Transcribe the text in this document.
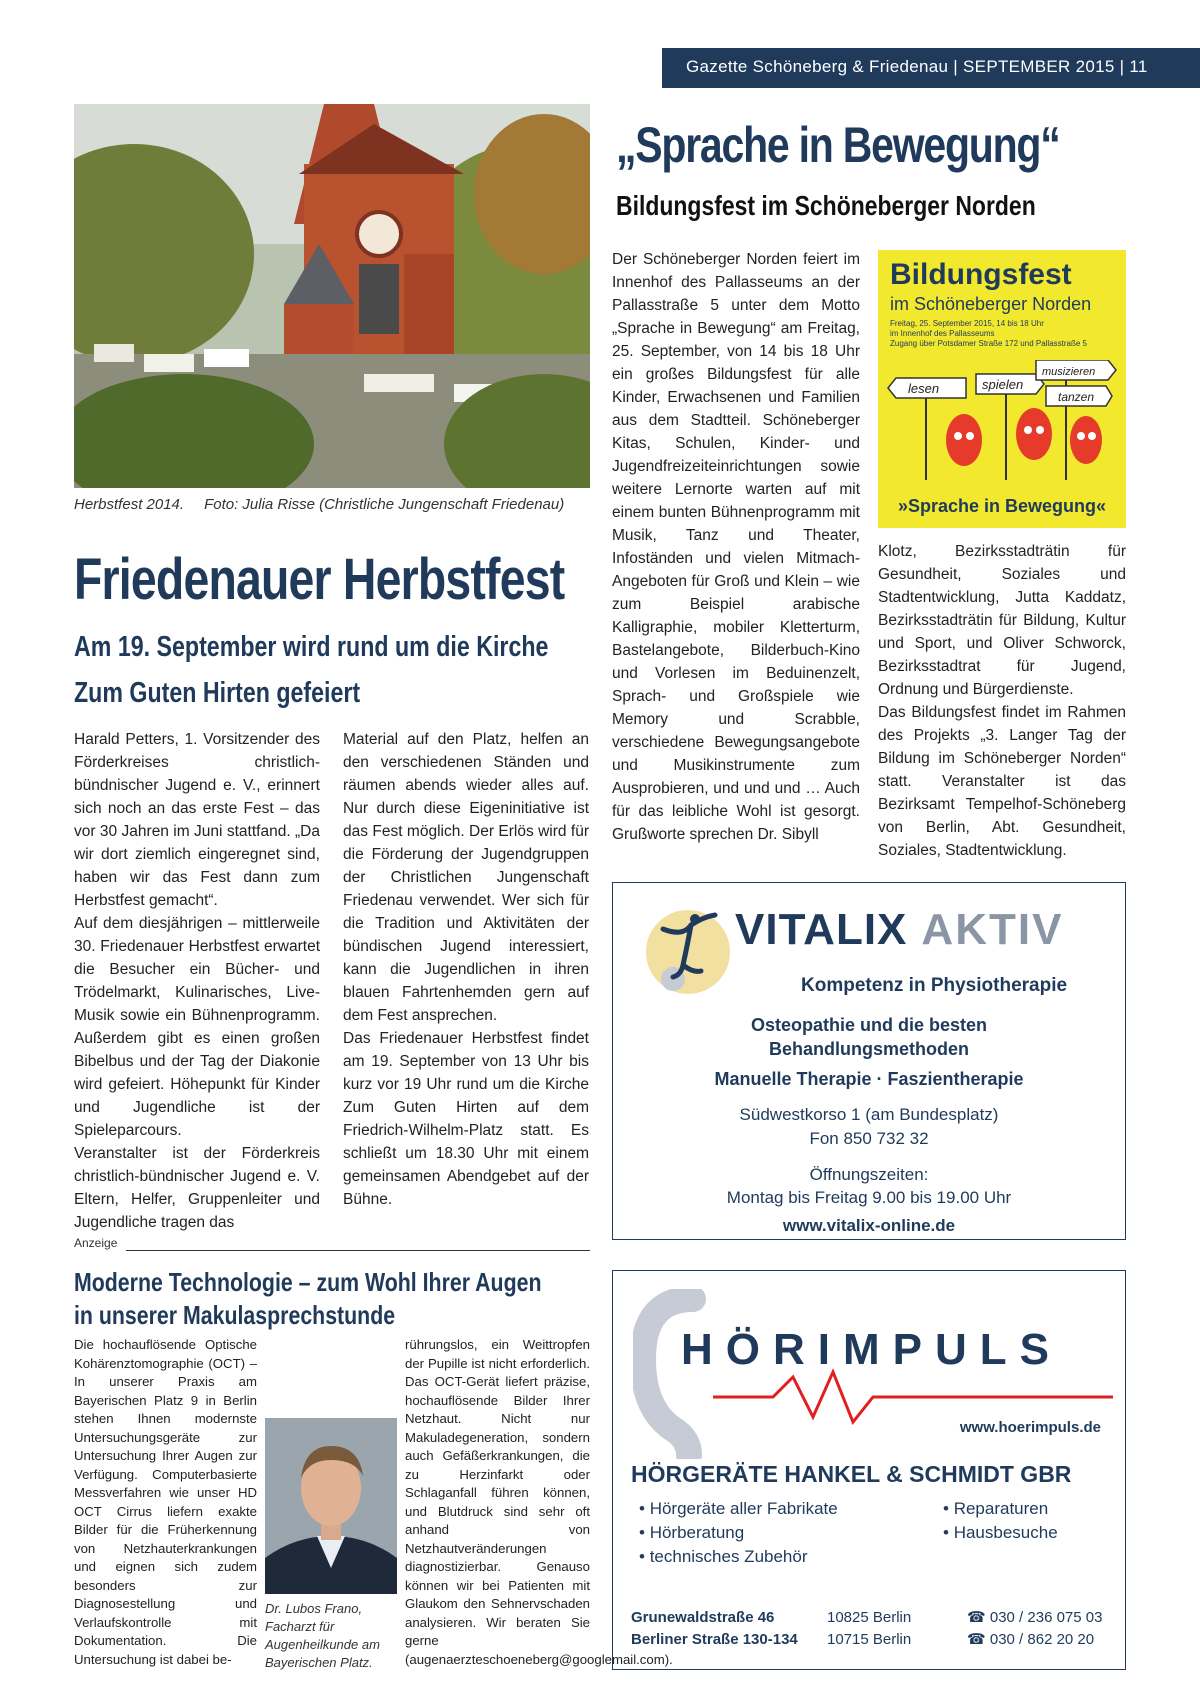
Gazette Schöneberg & Friedenau | SEPTEMBER 2015 | 11
Herbstfest 2014. Foto: Julia Risse (Christliche Jungenschaft Friedenau)
„Sprache in Bewegung“
Bildungsfest im Schöneberger Norden

Der Schöneberger Norden feiert im Innenhof des Pallasseums an der Pallasstraße 5 unter dem Motto „Sprache in Bewegung“ am Freitag, 25. September, von 14 bis 18 Uhr ein großes Bildungsfest für alle Kinder, Erwachsenen und Familien aus dem Stadtteil. Schöneberger Kitas, Schulen, Kinder- und Jugendfreizeiteinrichtungen sowie weitere Lernorte warten auf mit einem bunten Bühnenprogramm mit Musik, Tanz und Theater, Infoständen und vielen Mitmach-Angeboten für Groß und Klein – wie zum Beispiel arabische Kalligraphie, mobiler Kletterturm, Bastelangebote, Bilderbuch-Kino und Vorlesen im Beduinenzelt, Sprach- und Großspiele wie Memory und Scrabble, verschiedene Bewegungsangebote und Musikinstrumente zum Ausprobieren, und und und … Auch für das leibliche Wohl ist gesorgt. Grußworte sprechen Dr. Sibyll

Klotz, Bezirksstadträtin für Gesundheit, Soziales und Stadtentwicklung, Jutta Kaddatz, Bezirksstadträtin für Bildung, Kultur und Sport, und Oliver Schworck, Bezirksstadtrat für Jugend, Ordnung und Bürgerdienste.

Das Bildungsfest findet im Rahmen des Projekts „3. Langer Tag der Bildung im Schöneberger Norden“ statt. Veranstalter ist das Bezirksamt Tempelhof-Schöneberg von Berlin, Abt. Gesundheit, Soziales, Stadtentwicklung.

Bildungsfest
im Schöneberger Norden
Freitag, 25. September 2015, 14 bis 18 Uhr
im Innenhof des Pallasseums
Zugang über Potsdamer Straße 172 und Pallasstraße 5
lesen	spielen
musizieren
tanzen
»Sprache in Bewegung«
Friedenauer Herbstfest
Am 19. September wird rund um die Kirche Zum Guten Hirten gefeiert

Harald Petters, 1. Vorsitzender des Förderkreises christlich-bündnischer Jugend e. V., erinnert sich noch an das erste Fest – das vor 30 Jahren im Juni stattfand. „Da wir dort ziemlich eingeregnet sind, haben wir das Fest dann zum Herbstfest gemacht“.

Auf dem diesjährigen – mittlerweile 30. Friedenauer Herbstfest erwartet die Besucher ein Bücher- und Trödelmarkt, Kulinarisches, Live-Musik sowie ein Bühnenprogramm. Außerdem gibt es einen großen Bibelbus und der Tag der Diakonie wird gefeiert. Höhepunkt für Kinder und Jugendliche ist der Spieleparcours.

Veranstalter ist der Förderkreis christlich-bündnischer Jugend e. V. Eltern, Helfer, Gruppenleiter und Jugendliche tragen das

Material auf den Platz, helfen an den verschiedenen Ständen und räumen abends wieder alles auf. Nur durch diese Eigeninitiative ist das Fest möglich. Der Erlös wird für die Förderung der Jugendgruppen der Christlichen Jungenschaft Friedenau verwendet. Wer sich für die Tradition und Aktivitäten der bündischen Jugend interessiert, kann die Jugendlichen in ihren blauen Fahrtenhemden gern auf dem Fest ansprechen.

Das Friedenauer Herbstfest findet am 19. September von 13 Uhr bis kurz vor 19 Uhr rund um die Kirche Zum Guten Hirten auf dem Friedrich-Wilhelm-Platz statt. Es schließt um 18.30 Uhr mit einem gemeinsamen Abendgebet auf der Bühne.

VITALIX AKTIV
Kompetenz in Physiotherapie
Osteopathie und die besten
Behandlungsmethoden
Manuelle Therapie · Faszientherapie
Südwestkorso 1 (am Bundesplatz)
Fon 850 732 32
Öffnungszeiten:
Montag bis Freitag 9.00 bis 19.00 Uhr
www.vitalix-online.de
Anzeige
Moderne Technologie – zum Wohl Ihrer Augen in unserer Makulasprechstunde

Die hochauflösende Optische Kohärenztomographie (OCT) – In unserer Praxis am Bayerischen Platz 9 in Berlin stehen Ihnen modernste Untersuchungsgeräte zur Untersuchung Ihrer Augen zur Verfügung. Computerbasierte Messverfahren wie unser HD OCT Cirrus liefern exakte Bilder für die Früherkennung von Netzhauterkrankungen und eignen sich zudem besonders zur Diagnosestellung und Verlaufskontrolle mit Dokumentation. Die Untersuchung ist dabei be-

rührungslos, ein Weittropfen der Pupille ist nicht erforderlich. Das OCT-Gerät liefert präzise, hochauflösende Bilder Ihrer Netzhaut. Nicht nur Makuladegeneration, sondern auch Gefäßerkrankungen, die zu Herzinfarkt oder Schlaganfall führen können, und Blutdruck sind sehr oft anhand von Netzhautveränderungen diagnostizierbar. Genauso können wir bei Patienten mit Glaukom den Sehnervschaden analysieren. Wir beraten Sie gerne (augenaerzteschoeneberg@googlemail.com).

Dr. Lubos Frano, Facharzt für Augenheilkunde am Bayerischen Platz.
HÖRIMPULS
www.hoerimpuls.de
HÖRGERÄTE HANKEL & SCHMIDT GBR
• Hörgeräte aller Fabrikate
• Hörberatung
• technisches Zubehör
• Reparaturen
• Hausbesuche
Grunewaldstraße 46
Berliner Straße 130-134
10825 Berlin
10715 Berlin
☎ 030 / 236 075 03
☎ 030 / 862 20 20
